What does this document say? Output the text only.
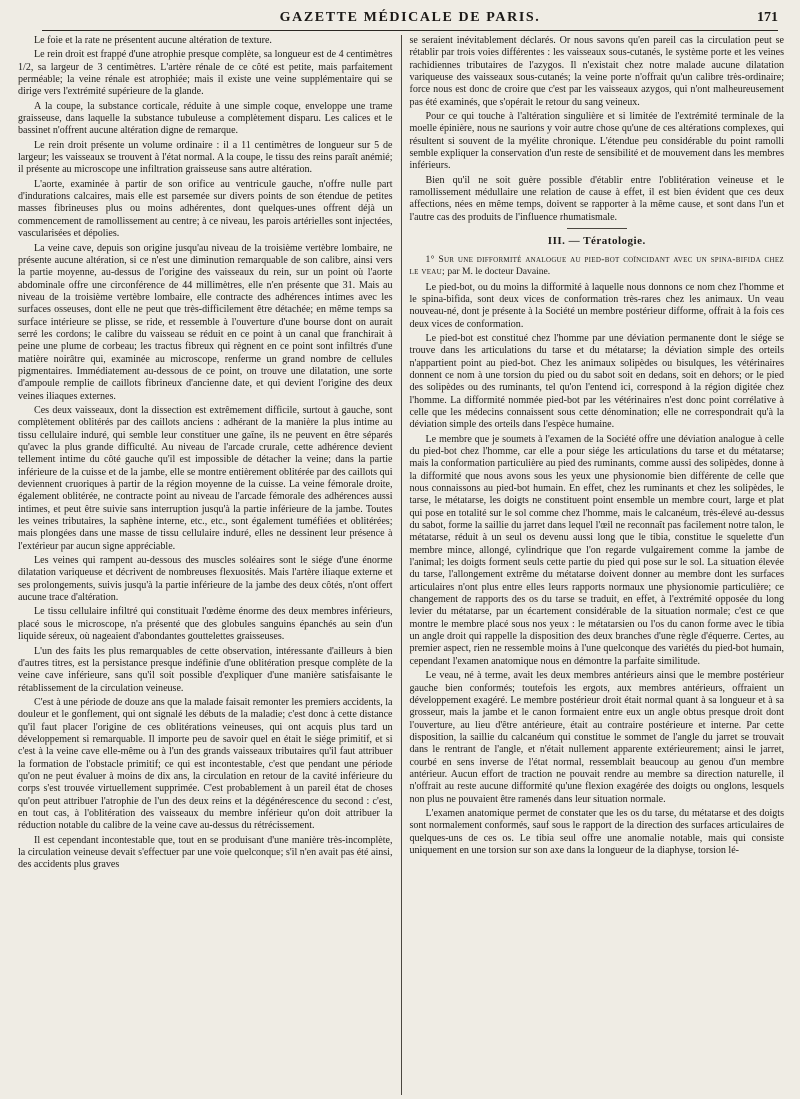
GAZETTE MÉDICALE DE PARIS.	171

Le foie et la rate ne présentent aucune altération de texture.

Le rein droit est frappé d'une atrophie presque complète, sa longueur est de 4 centimètres 1/2, sa largeur de 3 centimètres. L'artère rénale de ce côté est petite, mais parfaitement perméable; la veine rénale est atrophiée; mais il existe une veine supplémentaire qui se dirige vers l'extrémité supérieure de la glande.

A la coupe, la substance corticale, réduite à une simple coque, enveloppe une trame graisseuse, dans laquelle la substance tubuleuse a complètement disparu. Les calices et le bassinet n'offrent aucune altération digne de remarque.

Le rein droit présente un volume ordinaire : il a 11 centimètres de longueur sur 5 de largeur; les vaisseaux se trouvent à l'état normal. A la coupe, le tissu des reins paraît anémié; il présente au microscope une infiltration graisseuse sans autre altération.

L'aorte, examinée à partir de son orifice au ventricule gauche, n'offre nulle part d'indurations calcaires, mais elle est parsemée sur divers points de son étendue de petites masses fibrineuses plus ou moins adhérentes, dont quelques-unes offrent déjà un commencement de ramollissement au centre; à ce niveau, les parois artérielles sont injectées, vascularisées et dépolies.

La veine cave, depuis son origine jusqu'au niveau de la troisième vertèbre lombaire, ne présente aucune altération, si ce n'est une diminution remarquable de son calibre, ainsi vers la partie moyenne, au-dessus de l'origine des vaisseaux du rein, sur un point où l'aorte abdominale offre une circonférence de 44 millimètres, elle n'en présente que 31. Mais au niveau de la troisième vertèbre lombaire, elle contracte des adhérences intimes avec les surfaces osseuses, dont elle ne peut que très-difficilement être détachée; en même temps sa surface intérieure se plisse, se ride, et ressemble à l'ouverture d'une bourse dont on aurait serré les cordons; le calibre du vaisseau se réduit en ce point à un canal que franchirait à peine une plume de corbeau; les tractus fibreux qui règnent en ce point sont infiltrés d'une matière noirâtre qui, examinée au microscope, renferme un grand nombre de cellules pigmentaires. Immédiatement au-dessous de ce point, on trouve une dilatation, une sorte d'ampoule remplie de caillots fibrineux d'ancienne date, et qui devient l'origine des deux veines iliaques externes.

Ces deux vaisseaux, dont la dissection est extrêmement difficile, surtout à gauche, sont complètement oblitérés par des caillots anciens : adhérant de la manière la plus intime au tissu cellulaire induré, qui semble leur constituer une gaîne, ils ne peuvent en être séparés qu'avec la plus grande difficulté. Au niveau de l'arcade crurale, cette adhérence devient tellement intime du côté gauche qu'il est impossible de détacher la veine; dans la partie inférieure de la cuisse et de la jambe, elle se montre entièrement oblitérée par des caillots qui deviennent cruoriques à partir de la région moyenne de la cuisse. La veine fémorale droite, également oblitérée, ne contracte point au niveau de l'arcade fémorale des adhérences aussi intimes, et peut être suivie sans interruption jusqu'à la partie inférieure de la jambe. Toutes les veines tributaires, la saphène interne, etc., etc., sont également tuméfiées et oblitérées; mais plongées dans une masse de tissu cellulaire induré, elles ne dessinent leur présence à l'extérieur par aucun signe appréciable.

Les veines qui rampent au-dessous des muscles soléaires sont le siége d'une énorme dilatation variqueuse et décrivent de nombreuses flexuosités. Mais l'artère iliaque externe et ses prolongements, suivis jusqu'à la partie inférieure de la jambe des deux côtés, n'ont offert aucune trace d'altération.

Le tissu cellulaire infiltré qui constituait l'œdème énorme des deux membres inférieurs, placé sous le microscope, n'a présenté que des globules sanguins épanchés au sein d'un liquide séreux, où nageaient d'abondantes gouttelettes graisseuses.

L'un des faits les plus remarquables de cette observation, intéressante d'ailleurs à bien d'autres titres, est la persistance presque indéfinie d'une oblitération presque complète de la veine cave inférieure, sans qu'il soit possible d'expliquer d'une manière satisfaisante le rétablissement de la circulation veineuse.

C'est à une période de douze ans que la malade faisait remonter les premiers accidents, la douleur et le gonflement, qui ont signalé les débuts de la maladie; c'est donc à cette distance qu'il faut placer l'origine de ces oblitérations veineuses, qui ont acquis plus tard un développement si remarquable. Il importe peu de savoir quel en était le siége primitif, et si c'est à la veine cave elle-même ou à l'un des grands vaisseaux tributaires qu'il faut attribuer la formation de l'obstacle primitif; ce qui est incontestable, c'est que pendant une période qu'on ne peut évaluer à moins de dix ans, la circulation en retour de la cavité inférieure du corps s'est trouvée virtuellement supprimée. C'est probablement à un pareil état de choses qu'on peut attribuer l'atrophie de l'un des deux reins et la dégénérescence du second : c'est, en tout cas, à l'oblitération des vaisseaux du membre inférieur qu'on doit attribuer la réduction notable du calibre de la veine cave au-dessus du rétrécissement.

Il est cependant incontestable que, tout en se produisant d'une manière très-incomplète, la circulation veineuse devait s'effectuer par une voie quelconque; s'il n'en avait pas été ainsi, des accidents plus graves

se seraient inévitablement déclarés. Or nous savons qu'en pareil cas la circulation peut se rétablir par trois voies différentes : les vaisseaux sous-cutanés, le système porte et les veines rachidiennes tributaires de l'azygos. Il n'existait chez notre malade aucune dilatation variqueuse des vaisseaux sous-cutanés; la veine porte n'offrait qu'un calibre très-ordinaire; force nous est donc de croire que c'est par les vaisseaux azygos, qui n'ont malheureusement pas été examinés, que s'opérait le retour du sang veineux.

Pour ce qui touche à l'altération singulière et si limitée de l'extrémité terminale de la moelle épinière, nous ne saurions y voir autre chose qu'une de ces altérations complexes, qui résultent si souvent de la myélite chronique. L'étendue peu considérable du point ramolli semble expliquer la conservation d'un reste de sensibilité et de mouvement dans les membres inférieurs.

Bien qu'il ne soit guère possible d'établir entre l'oblitération veineuse et le ramollissement médullaire une relation de cause à effet, il est bien évident que ces deux affections, nées en même temps, doivent se rapporter à la même cause, et sont dans l'un et l'autre cas des produits de l'influence rhumatismale.

III. — Tératologie.
1° Sur une difformité analogue au pied-bot coïncidant avec un spina-bifida chez le veau; par M. le docteur Davaine.

Le pied-bot, ou du moins la difformité à laquelle nous donnons ce nom chez l'homme et le spina-bifida, sont deux vices de conformation très-rares chez les animaux. Un veau nouveau-né, dont je présente à la Société un membre postérieur difforme, offrait à la fois ces deux vices de conformation.

Le pied-bot est constitué chez l'homme par une déviation permanente dont le siége se trouve dans les articulations du tarse et du métatarse; la déviation simple des orteils n'appartient point au pied-bot. Chez les animaux solipèdes ou bisulques, les vétérinaires donnent ce nom à une torsion du pied ou du sabot soit en dedans, soit en dehors; or le pied des solipèdes ou des ruminants, tel qu'on l'entend ici, correspond à la région digitée chez l'homme. La difformité nommée pied-bot par les vétérinaires n'est donc point corrélative à celle que les médecins connaissent sous cette dénomination; elle ne correspondrait qu'à la déviation simple des orteils dans l'espèce humaine.

Le membre que je soumets à l'examen de la Société offre une déviation analogue à celle du pied-bot chez l'homme, car elle a pour siége les articulations du tarse et du métatarse; mais la conformation particulière au pied des ruminants, comme aussi des solipèdes, donne à la difformité que nous avons sous les yeux une physionomie bien différente de celle que nous connaissons au pied-bot humain. En effet, chez les ruminants et chez les solipèdes, le tarse, le métatarse, les doigts ne constituent point ensemble un membre court, large et plat qui pose en totalité sur le sol comme chez l'homme, mais le calcanéum, très-élevé au-dessus du sabot, forme la saillie du jarret dans lequel l'œil ne reconnaît pas facilement notre talon, le métatarse, réduit à un seul os devenu aussi long que le tibia, constitue le squelette d'un membre mince, allongé, cylindrique que l'on regarde vulgairement comme la jambe de l'animal; les doigts forment seuls cette partie du pied qui pose sur le sol. La situation élevée du tarse, l'allongement extrême du métatarse doivent donner au membre dont les surfaces articulaires n'ont plus entre elles leurs rapports normaux une physionomie particulière; ce changement de rapports des os du tarse se traduit, en effet, à l'extrémité opposée du long levier du métatarse, par un écartement considérable de la situation normale; c'est ce que montre le membre placé sous nos yeux : le métatarsien ou l'os du canon forme avec le tibia un angle droit qui rappelle la disposition des deux branches d'une règle d'équerre. Certes, au premier aspect, rien ne ressemble moins à l'une quelconque des variétés du pied-bot humain, cependant l'examen anatomique nous en démontre la parfaite similitude.

Le veau, né à terme, avait les deux membres antérieurs ainsi que le membre postérieur gauche bien conformés; toutefois les ergots, aux membres antérieurs, offraient un développement exagéré. Le membre postérieur droit était normal quant à sa longueur et à sa grosseur, mais la jambe et le canon formaient entre eux un angle obtus presque droit dont l'ouverture, au lieu d'être antérieure, était au contraire postérieure et interne. Par cette disposition, la saillie du calcanéum qui constitue le sommet de l'angle du jarret se trouvait dans le rentrant de l'angle, et n'était nullement apparente extérieurement; ainsi le jarret, courbé en sens inverse de l'état normal, ressemblait beaucoup au genou d'un membre antérieur. Aucun effort de traction ne pouvait rendre au membre sa direction naturelle, il n'offrait au reste aucune difformité qu'une flexion exagérée des doigts ou onglons, lesquels non plus ne pouvaient être ramenés dans leur situation normale.

L'examen anatomique permet de constater que les os du tarse, du métatarse et des doigts sont normalement conformés, sauf sous le rapport de la direction des surfaces articulaires de quelques-uns de ces os. Le tibia seul offre une anomalie notable, mais qui consiste uniquement en une torsion sur son axe dans la longueur de la diaphyse, torsion lé-
